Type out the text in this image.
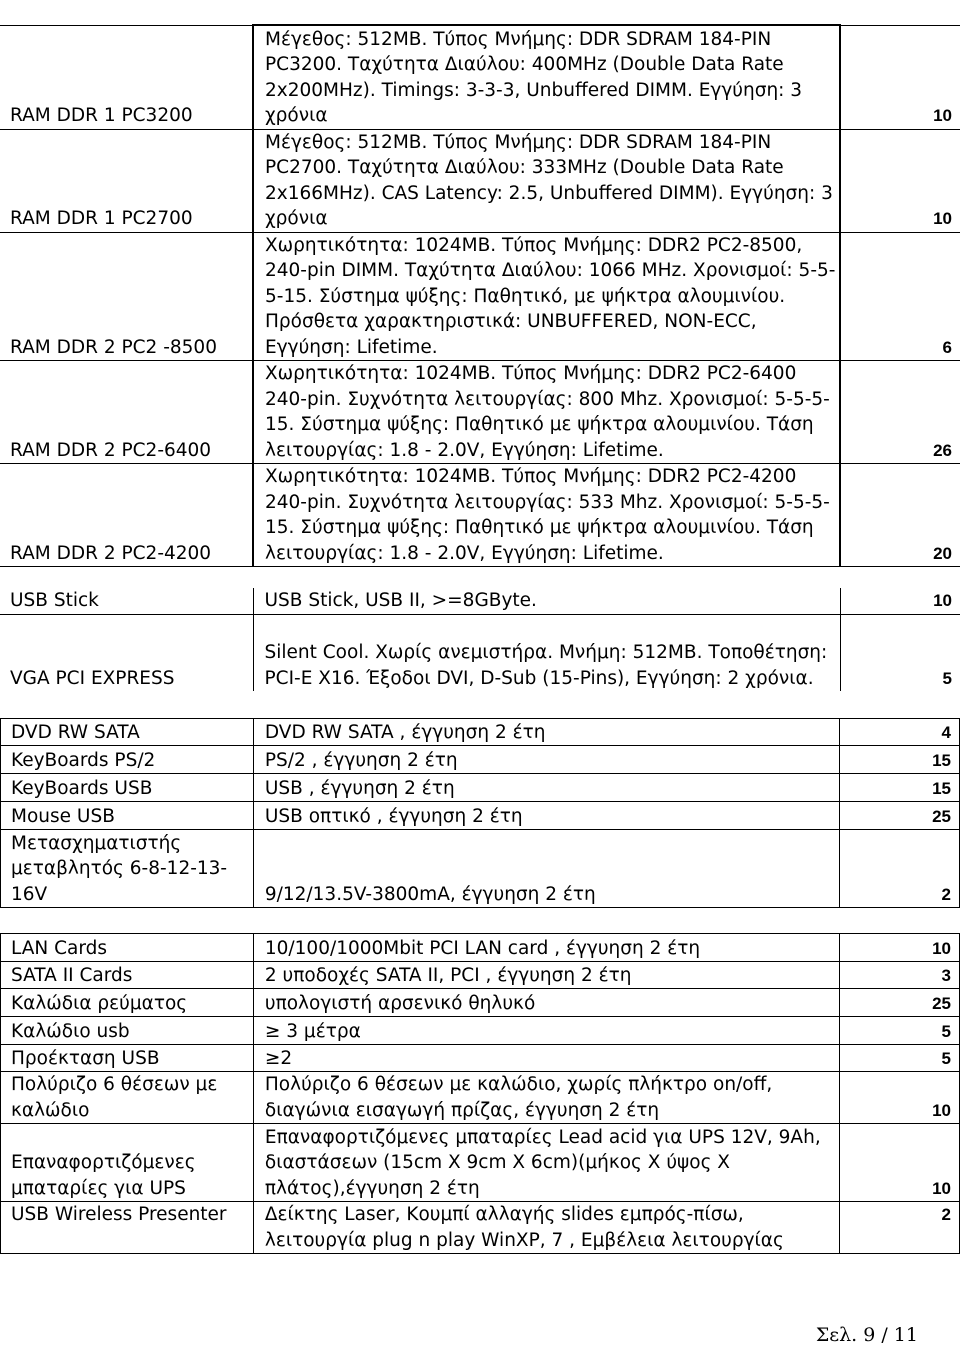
RAM DDR 1 PC3200	Μέγεθος: 512MB. Τύπος Μνήμης: DDR SDRAM 184-PIN PC3200. Ταχύτητα Διαύλου: 400MHz (Double Data Rate 2x200MHz). Timings: 3-3-3, Unbuffered DIMM. Εγγύηση: 3 χρόνια	10
RAM DDR 1 PC2700	Μέγεθος: 512MB. Τύπος Μνήμης: DDR SDRAM 184-PIN PC2700. Ταχύτητα Διαύλου: 333MHz (Double Data Rate 2x166MHz). CAS Latency: 2.5, Unbuffered DIMM). Εγγύηση: 3 χρόνια	10
RAM DDR 2 PC2 -8500	Χωρητικότητα: 1024MB. Τύπος Μνήμης: DDR2 PC2-8500, 240-pin DIMM. Ταχύτητα Διαύλου: 1066 MHz. Χρονισμοί: 5-5-5-15. Σύστημα ψύξης: Παθητικό, με ψήκτρα αλουμινίου. Πρόσθετα χαρακτηριστικά: UNBUFFERED, NON-ECC, Εγγύηση: Lifetime.	6
RAM DDR 2 PC2-6400	Χωρητικότητα: 1024MB. Τύπος Μνήμης: DDR2 PC2-6400 240-pin. Συχνότητα λειτουργίας: 800 Mhz. Χρονισμοί: 5-5-5-15. Σύστημα ψύξης: Παθητικό με ψήκτρα αλουμινίου. Τάση λειτουργίας: 1.8 - 2.0V, Εγγύηση: Lifetime.	26
RAM DDR 2 PC2-4200	Χωρητικότητα: 1024MB. Τύπος Μνήμης: DDR2 PC2-4200 240-pin. Συχνότητα λειτουργίας: 533 Mhz. Χρονισμοί: 5-5-5-15. Σύστημα ψύξης: Παθητικό με ψήκτρα αλουμινίου. Τάση λειτουργίας: 1.8 - 2.0V, Εγγύηση: Lifetime.	20
USB Stick	USB Stick, USB II, >=8GByte.	10
VGA PCI EXPRESS	Silent Cool. Χωρίς ανεμιστήρα. Μνήμη: 512MB. Τοποθέτηση: PCI-E X16. Έξοδοι DVI, D-Sub (15-Pins), Εγγύηση: 2 χρόνια.	5
DVD RW SATA	DVD RW SATA , έγγυηση 2 έτη	4
KeyBoards PS/2	PS/2 , έγγυηση 2 έτη	15
KeyBoards USB	USB , έγγυηση 2 έτη	15
Mouse USB	USB οπτικό , έγγυηση 2 έτη	25
Μετασχηματιστής μεταβλητός 6-8-12-13-16V	9/12/13.5V-3800mA, έγγυηση 2 έτη	2
LAN Cards	10/100/1000Mbit PCI LAN card , έγγυηση 2 έτη	10
SATA II Cards	2 υποδοχές SATA II, PCI , έγγυηση 2 έτη	3
Καλώδια ρεύματος	υπολογιστή αρσενικό θηλυκό	25
Καλώδιο usb	≥ 3 μέτρα	5
Προέκταση USB	≥2	5
Πολύριζο 6 θέσεων με καλώδιο	Πολύριζο 6 θέσεων με καλώδιο, χωρίς πλήκτρο on/off, διαγώνια εισαγωγή πρίζας, έγγυηση 2 έτη	10
Επαναφορτιζόμενες μπαταρίες για UPS	Επαναφορτιζόμενες μπαταρίες Lead acid για UPS 12V, 9Ah, διαστάσεων (15cm X 9cm X 6cm)(μήκος X ύψος X πλάτος),έγγυηση 2 έτη	10
USB Wireless Presenter	Δείκτης Laser, Κουμπί αλλαγής slides εμπρός-πίσω, λειτουργία plug n play WinXP, 7 , Εμβέλεια λειτουργίας	2
Σελ. 9 / 11
